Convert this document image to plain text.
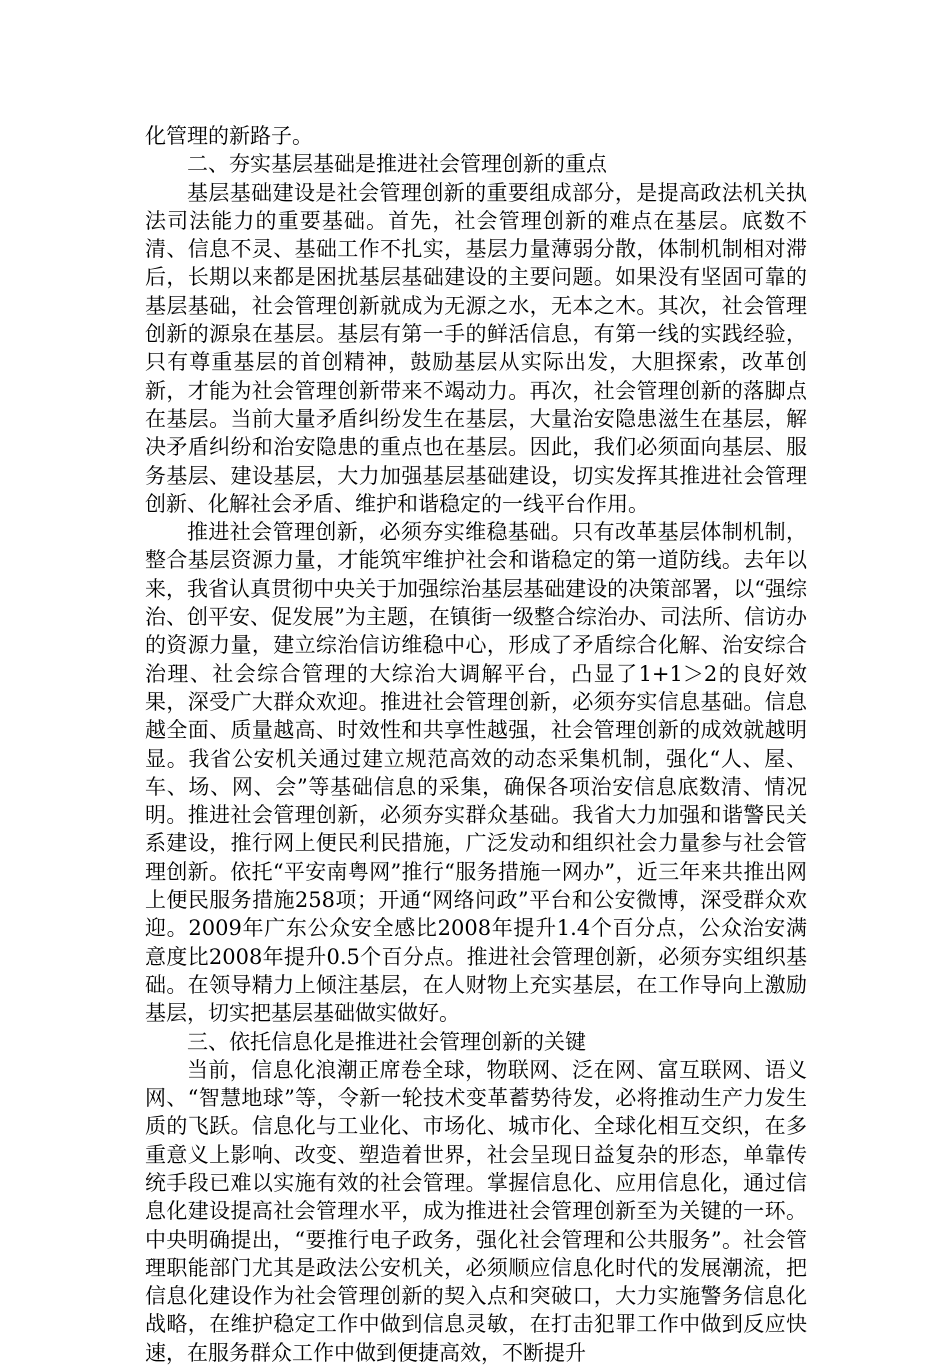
化管理的新路子。

二、夯实基层基础是推进社会管理创新的重点

基层基础建设是社会管理创新的重要组成部分，是提高政法机关执法司法能力的重要基础。首先，社会管理创新的难点在基层。底数不清、信息不灵、基础工作不扎实，基层力量薄弱分散，体制机制相对滞后，长期以来都是困扰基层基础建设的主要问题。如果没有坚固可靠的基层基础，社会管理创新就成为无源之水，无本之木。其次，社会管理创新的源泉在基层。基层有第一手的鲜活信息，有第一线的实践经验，只有尊重基层的首创精神，鼓励基层从实际出发，大胆探索，改革创新，才能为社会管理创新带来不竭动力。再次，社会管理创新的落脚点在基层。当前大量矛盾纠纷发生在基层，大量治安隐患滋生在基层，解决矛盾纠纷和治安隐患的重点也在基层。因此，我们必须面向基层、服务基层、建设基层，大力加强基层基础建设，切实发挥其推进社会管理创新、化解社会矛盾、维护和谐稳定的一线平台作用。

推进社会管理创新，必须夯实维稳基础。只有改革基层体制机制，整合基层资源力量，才能筑牢维护社会和谐稳定的第一道防线。去年以来，我省认真贯彻中央关于加强综治基层基础建设的决策部署，以“强综治、创平安、促发展”为主题，在镇街一级整合综治办、司法所、信访办的资源力量，建立综治信访维稳中心，形成了矛盾综合化解、治安综合治理、社会综合管理的大综治大调解平台，凸显了1+1＞2的良好效果，深受广大群众欢迎。推进社会管理创新，必须夯实信息基础。信息越全面、质量越高、时效性和共享性越强，社会管理创新的成效就越明显。我省公安机关通过建立规范高效的动态采集机制，强化“人、屋、车、场、网、会”等基础信息的采集，确保各项治安信息底数清、情况明。推进社会管理创新，必须夯实群众基础。我省大力加强和谐警民关系建设，推行网上便民利民措施，广泛发动和组织社会力量参与社会管理创新。依托“平安南粤网”推行“服务措施一网办”，近三年来共推出网上便民服务措施258项；开通“网络问政”平台和公安微博，深受群众欢迎。2009年广东公众安全感比2008年提升1.4个百分点，公众治安满意度比2008年提升0.5个百分点。推进社会管理创新，必须夯实组织基础。在领导精力上倾注基层，在人财物上充实基层，在工作导向上激励基层，切实把基层基础做实做好。

三、依托信息化是推进社会管理创新的关键

当前，信息化浪潮正席卷全球，物联网、泛在网、富互联网、语义网、“智慧地球”等，令新一轮技术变革蓄势待发，必将推动生产力发生质的飞跃。信息化与工业化、市场化、城市化、全球化相互交织，在多重意义上影响、改变、塑造着世界，社会呈现日益复杂的形态，单靠传统手段已难以实施有效的社会管理。掌握信息化、应用信息化，通过信息化建设提高社会管理水平，成为推进社会管理创新至为关键的一环。中央明确提出，“要推行电子政务，强化社会管理和公共服务”。社会管理职能部门尤其是政法公安机关，必须顺应信息化时代的发展潮流，把信息化建设作为社会管理创新的契入点和突破口，大力实施警务信息化战略，在维护稳定工作中做到信息灵敏，在打击犯罪工作中做到反应快速，在服务群众工作中做到便捷高效，不断提升
